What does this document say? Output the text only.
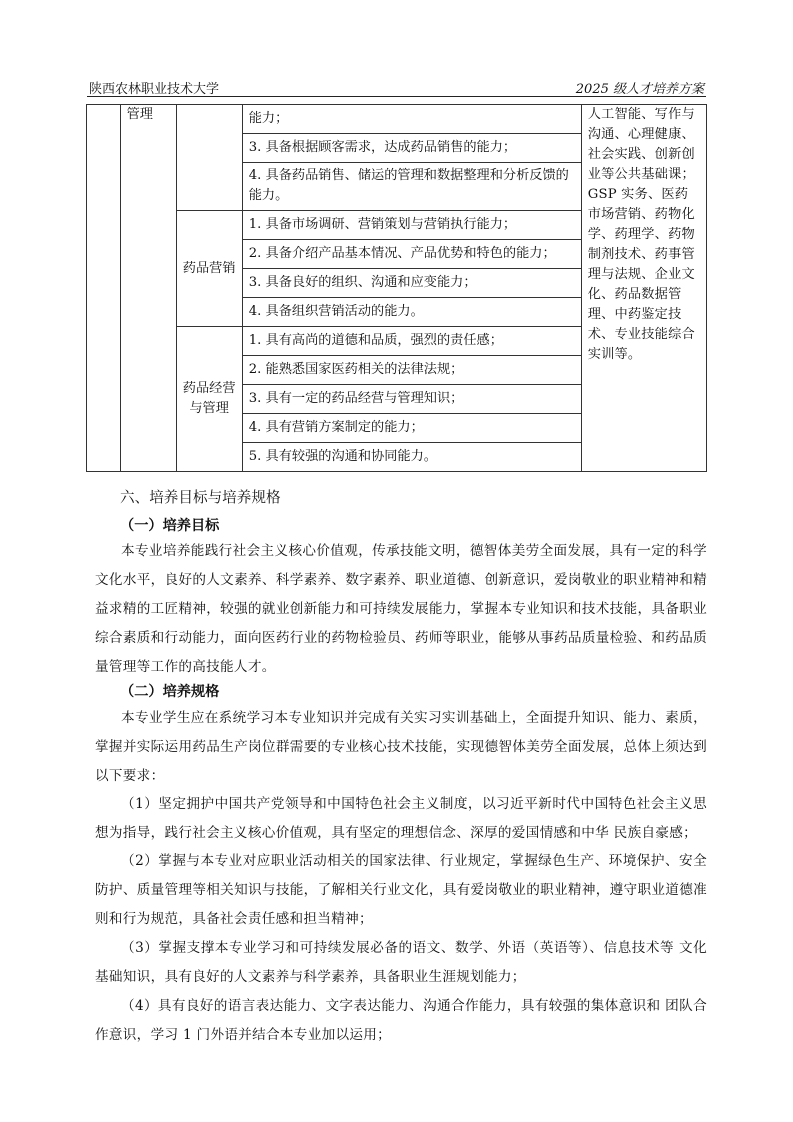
陕西农林职业技术大学	2025 级人才培养方案
	管理		能力；	人工智能、写作与沟通、心理健康、社会实践、创新创业等公共基础课；GSP 实务、医药市场营销、药物化学、药理学、药物制剂技术、药事管理与法规、企业文化、药品数据管理、中药鉴定技术、专业技能综合实训等。
			3. 具备根据顾客需求，达成药品销售的能力；	
			4. 具备药品销售、储运的管理和数据整理和分析反馈的能力。	
		药品营销	1. 具备市场调研、营销策划与营销执行能力；	
			2. 具备介绍产品基本情况、产品优势和特色的能力；	
			3. 具备良好的组织、沟通和应变能力；	
			4. 具备组织营销活动的能力。	
		药品经营 与管理	1. 具有高尚的道德和品质，强烈的责任感；	
			2. 能熟悉国家医药相关的法律法规；	
			3. 具有一定的药品经营与管理知识；	
			4. 具有营销方案制定的能力；	
			5. 具有较强的沟通和协同能力。	
六、培养目标与培养规格
（一）培养目标
本专业培养能践行社会主义核心价值观，传承技能文明，德智体美劳全面发展，具有一定的科学文化水平，良好的人文素养、科学素养、数字素养、职业道德、创新意识，爱岗敬业的职业精神和精益求精的工匠精神，较强的就业创新能力和可持续发展能力，掌握本专业知识和技术技能，具备职业综合素质和行动能力，面向医药行业的药物检验员、药师等职业，能够从事药品质量检验、和药品质量管理等工作的高技能人才。
（二）培养规格
本专业学生应在系统学习本专业知识并完成有关实习实训基础上，全面提升知识、能力、素质，掌握并实际运用药品生产岗位群需要的专业核心技术技能，实现德智体美劳全面发展，总体上须达到以下要求：
（1）坚定拥护中国共产党领导和中国特色社会主义制度，以习近平新时代中国特色社会主义思想为指导，践行社会主义核心价值观，具有坚定的理想信念、深厚的爱国情感和中华 民族自豪感；
（2）掌握与本专业对应职业活动相关的国家法律、行业规定，掌握绿色生产、环境保护、安全防护、质量管理等相关知识与技能，了解相关行业文化，具有爱岗敬业的职业精神，遵守职业道德准则和行为规范，具备社会责任感和担当精神；
（3）掌握支撑本专业学习和可持续发展必备的语文、数学、外语（英语等）、信息技术等 文化基础知识，具有良好的人文素养与科学素养，具备职业生涯规划能力；
（4）具有良好的语言表达能力、文字表达能力、沟通合作能力，具有较强的集体意识和 团队合作意识，学习 1 门外语并结合本专业加以运用；
